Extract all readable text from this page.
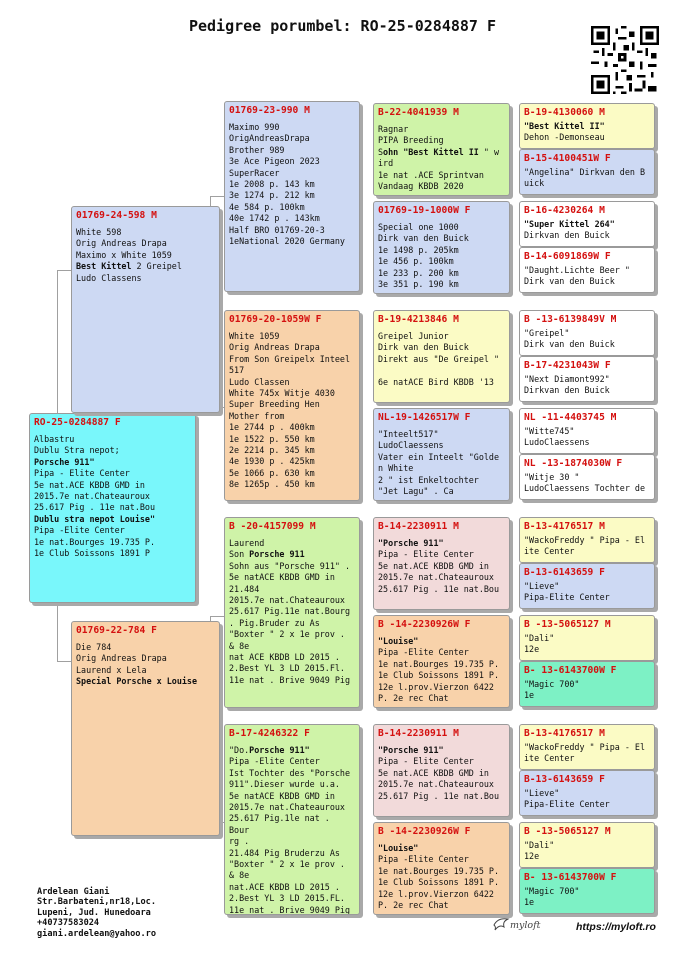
Pedigree porumbel: RO-25-0284887 F
RO-25-0284887 F
Albastru
Dublu Stra nepot;
Porsche 911"
Pipa - Elite Center
5e nat.ACE KBDB GMD in
2015.7e nat.Chateauroux
25.617 Pig . 11e nat.Bou
Dublu stra nepot Louise"
Pipa -Elite Center
1e nat.Bourges 19.735 P.
1e Club Soissons 1891 P
01769-24-598 M
White 598
Orig Andreas Drapa
Maximo x White 1059
Best Kittel 2 Greipel
Ludo Classens
01769-22-784 F
Die 784
Orig Andreas Drapa
Laurend x Lela
Special Porsche x Louise
01769-23-990 M
Maximo 990
OrigAndreasDrapa
Brother 989
3e Ace Pigeon 2023
SuperRacer
1e 2008 p. 143 km
3e 1274 p. 212 km
4e 584 p. 100km
40e 1742 p . 143km
Half BRO 01769-20-3
1eNational 2020 Germany
01769-20-1059W F
White 1059
Orig Andreas Drapa
From Son Greipelx Inteel
517
Ludo Classen
White 745x Witje 4030
Super Breeding Hen
Mother from
1e 2744 p . 400km
1e 1522 p. 550 km
2e 2214 p. 345 km
4e 1930 p . 425km
5e 1066 p. 630 km
8e 1265p . 450 km
B -20-4157099 M
Laurend
Son Porsche 911
Sohn aus "Porsche 911" .
5e natACE KBDB GMD in
21.484
2015.7e nat.Chateauroux
25.617 Pig.11e nat.Bourg
. Pig.Bruder zu As
"Boxter " 2 x 1e prov .
& 8e
nat ACE KBDB LD 2015 .
2.Best YL 3 LD 2015.Fl.
11e nat . Brive 9049 Pig
B-17-4246322 F
"Do.Porsche 911"
Pipa -Elite Center
Ist Tochter des "Porsche
911".Dieser wurde u.a.
5e natACE KBDB GMD in
2015.7e nat.Chateauroux
25.617 Pig.1le nat . Bour
rg .
21.484 Pig Bruderzu As
"Boxter " 2 x 1e prov .
& 8e
nat.ACE KBDB LD 2015 .
2.Best YL 3 LD 2015.FL.
11e nat . Brive 9049 Pig
B-22-4041939 M
Ragnar
PIPA Breeding
Sohn "Best Kittel II " w
ird
1e nat .ACE Sprintvan
Vandaag KBDB 2020
01769-19-1000W F
Special one 1000
Dirk van den Buick
1e 1498 p. 205km
1e 456 p. 100km
1e 233 p. 200 km
3e 351 p. 190 km
B-19-4213846 M
Greipel Junior
Dirk van den Buick
Direkt aus "De Greipel "

6e natACE Bird KBDB '13
NL-19-1426517W F
"Inteelt517"
LudoClaessens
Vater ein Inteelt "Golde
n White
2 " ist Enkeltochter
"Jet Lagu" . Ca
B-14-2230911 M
"Porsche 911"
Pipa - Elite Center
5e nat.ACE KBDB GMD in
2015.7e nat.Chateauroux
25.617 Pig . 11e nat.Bou
B -14-2230926W F
"Louise"
Pipa -Elite Center
1e nat.Bourges 19.735 P.
1e Club Soissons 1891 P.
12e l.prov.Vierzon 6422
P. 2e rec Chat
B-14-2230911 M
"Porsche 911"
Pipa - Elite Center
5e nat.ACE KBDB GMD in
2015.7e nat.Chateauroux
25.617 Pig . 11e nat.Bou
B -14-2230926W F
"Louise"
Pipa -Elite Center
1e nat.Bourges 19.735 P.
1e Club Soissons 1891 P.
12e l.prov.Vierzon 6422
P. 2e rec Chat
B-19-4130060 M
"Best Kittel II"
Dehon -Demonseau
B-15-4100451W F
"Angelina" Dirkvan den B
uick
B-16-4230264 M
"Super Kittel 264"
Dirkvan den Buick
B-14-6091869W F
"Daught.Lichte Beer "
Dirk van den Buick
B -13-6139849V M
"Greipel"
Dirk van den Buick
B-17-4231043W F
"Next Diamont992"
Dirkvan den Buick
NL -11-4403745 M
"Witte745"
LudoClaessens
NL -13-1874030W F
"Witje 30 "
LudoClaessens Tochter de
B-13-4176517 M
"WackoFreddy " Pipa - El
ite Center
B-13-6143659 F
"Lieve"
Pipa-Elite Center
B -13-5065127 M
"Dali"
12e
B- 13-6143700W F
"Magic 700"
1e
B-13-4176517 M
"WackoFreddy " Pipa - El
ite Center
B-13-6143659 F
"Lieve"
Pipa-Elite Center
B -13-5065127 M
"Dali"
12e
B- 13-6143700W F
"Magic 700"
1e
Ardelean Giani
Str.Barbateni,nr18,Loc.
Lupeni, Jud. Hunedoara
+40737583024
giani.ardelean@yahoo.ro
myloft	https://myloft.ro
